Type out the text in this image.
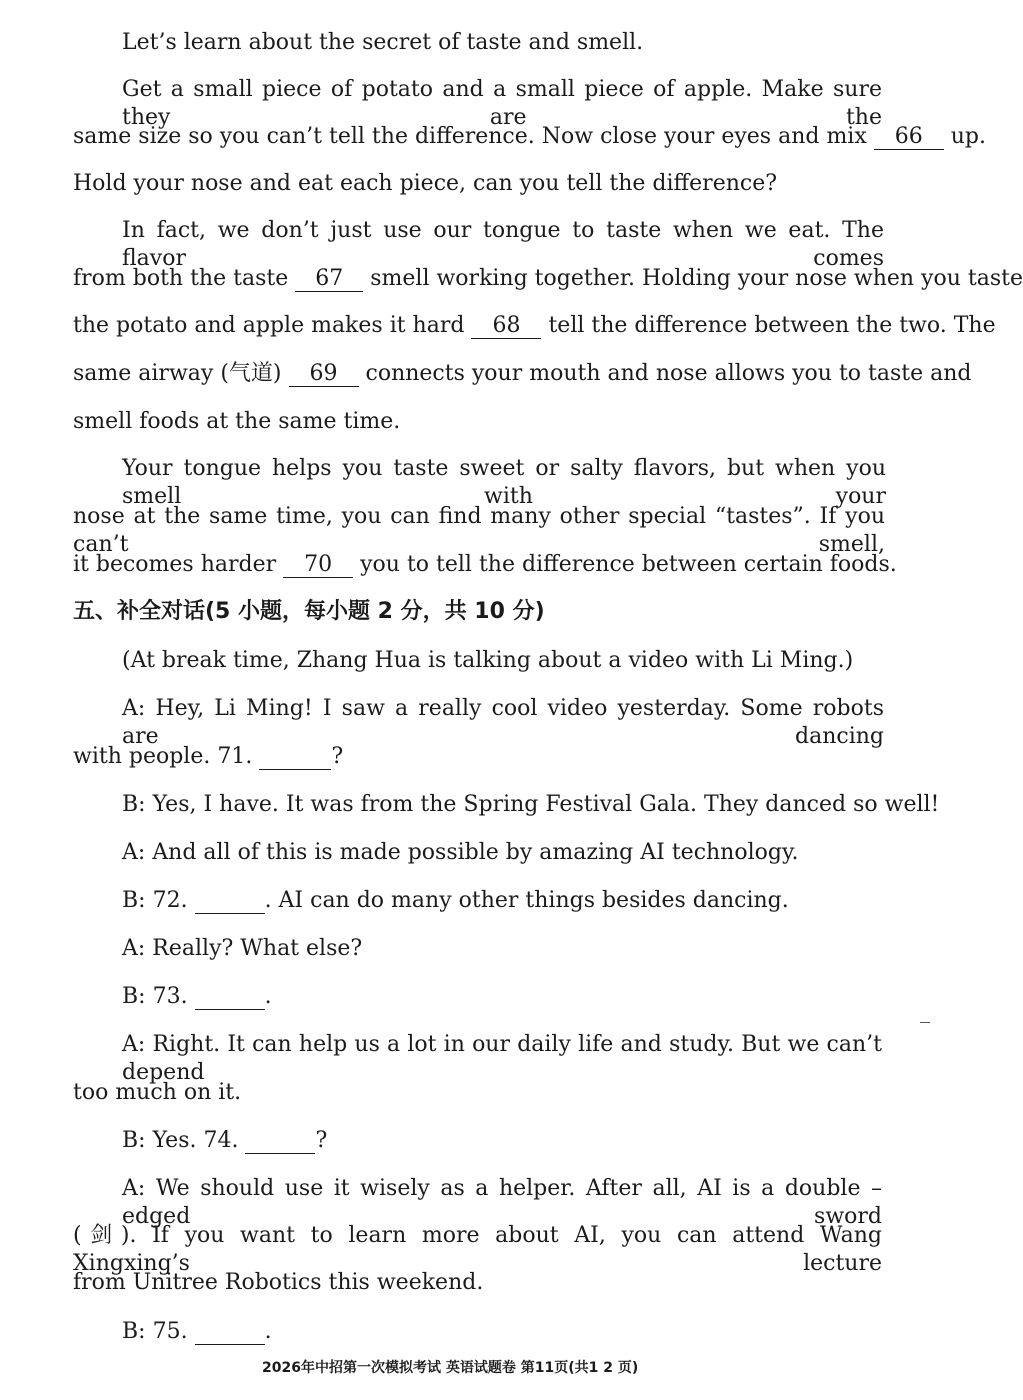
Let’s learn about the secret of taste and smell.
Get a small piece of potato and a small piece of apple. Make sure they are the
same size so you can’t tell the difference. Now close your eyes and mix 66 up.
Hold your nose and eat each piece, can you tell the difference?
In fact, we don’t just use our tongue to taste when we eat. The flavor comes
from both the taste 67 smell working together. Holding your nose when you taste
the potato and apple makes it hard 68 tell the difference between the two. The
same airway (气道) 69 connects your mouth and nose allows you to taste and
smell foods at the same time.
Your tongue helps you taste sweet or salty flavors, but when you smell with your
nose at the same time, you can find many other special “tastes”. If you can’t smell,
it becomes harder 70 you to tell the difference between certain foods.
五、补全对话(5 小题，每小题 2 分，共 10 分)
(At break time, Zhang Hua is talking about a video with Li Ming.)
A: Hey, Li Ming! I saw a really cool video yesterday. Some robots are dancing
with people. 71.	?
B: Yes, I have. It was from the Spring Festival Gala. They danced so well!
A: And all of this is made possible by amazing AI technology.
B: 72.	. AI can do many other things besides dancing.
A: Really? What else?
B: 73.	.
A: Right. It can help us a lot in our daily life and study. But we can’t depend
too much on it.
B: Yes. 74.	?
A: We should use it wisely as a helper. After all, AI is a double – edged sword
(剑). If you want to learn more about AI, you can attend Wang Xingxing’s lecture
from Unitree Robotics this weekend.
B: 75.	.
2026年中招第一次模拟考试 英语试题卷 第11页(共1 2 页)
